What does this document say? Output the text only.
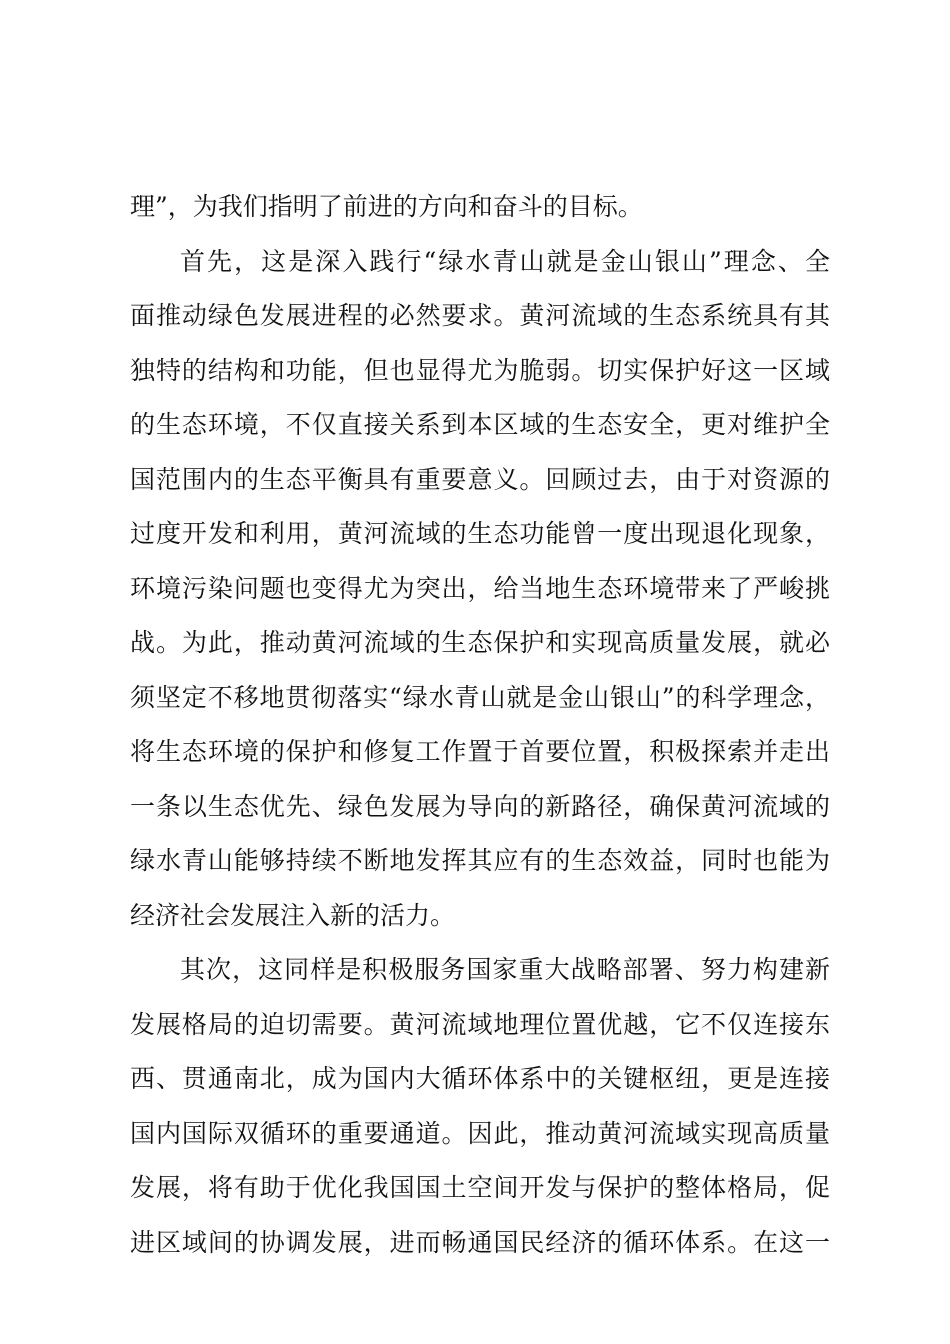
理”，为我们指明了前进的方向和奋斗的目标。
首先，这是深入践行“绿水青山就是金山银山”理念、全
面推动绿色发展进程的必然要求。黄河流域的生态系统具有其
独特的结构和功能，但也显得尤为脆弱。切实保护好这一区域
的生态环境，不仅直接关系到本区域的生态安全，更对维护全
国范围内的生态平衡具有重要意义。回顾过去，由于对资源的
过度开发和利用，黄河流域的生态功能曾一度出现退化现象，
环境污染问题也变得尤为突出，给当地生态环境带来了严峻挑
战。为此，推动黄河流域的生态保护和实现高质量发展，就必
须坚定不移地贯彻落实“绿水青山就是金山银山”的科学理念，
将生态环境的保护和修复工作置于首要位置，积极探索并走出
一条以生态优先、绿色发展为导向的新路径，确保黄河流域的
绿水青山能够持续不断地发挥其应有的生态效益，同时也能为
经济社会发展注入新的活力。
其次，这同样是积极服务国家重大战略部署、努力构建新
发展格局的迫切需要。黄河流域地理位置优越，它不仅连接东
西、贯通南北，成为国内大循环体系中的关键枢纽，更是连接
国内国际双循环的重要通道。因此，推动黄河流域实现高质量
发展，将有助于优化我国国土空间开发与保护的整体格局，促
进区域间的协调发展，进而畅通国民经济的循环体系。在这一
